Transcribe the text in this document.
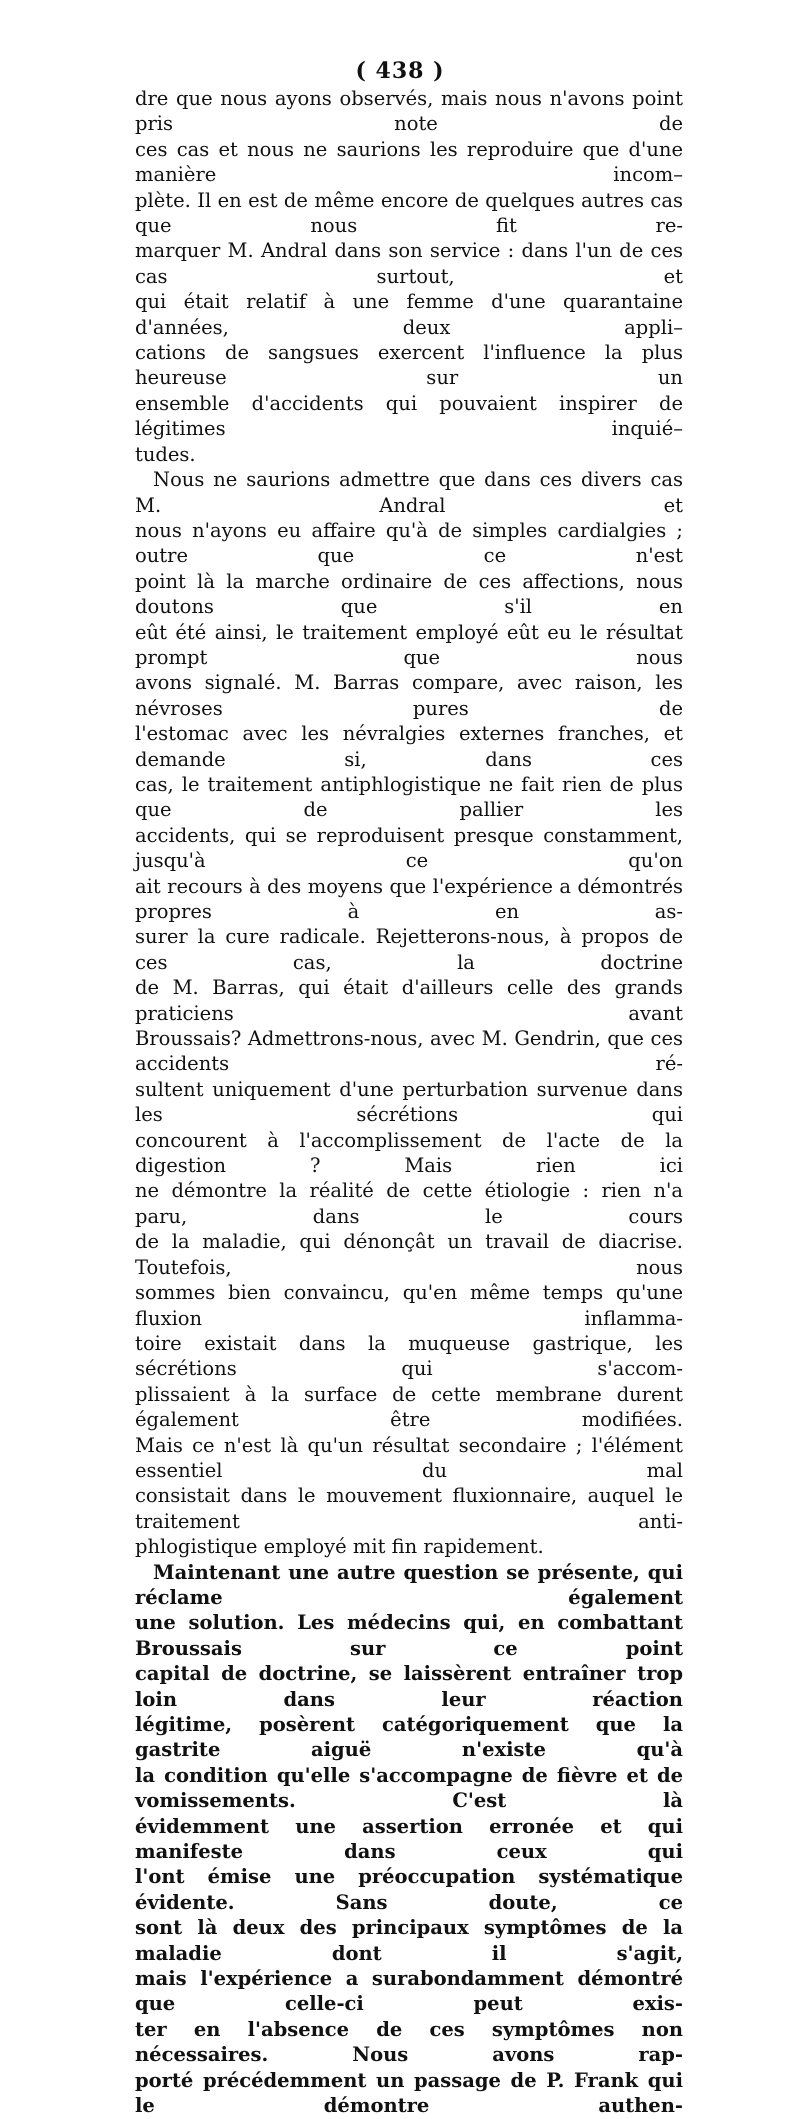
( 438 )
dre que nous ayons observés, mais nous n'avons point pris note de
ces cas et nous ne saurions les reproduire que d'une manière incom–
plète. Il en est de même encore de quelques autres cas que nous fit re-
marquer M. Andral dans son service : dans l'un de ces cas surtout, et
qui était relatif à une femme d'une quarantaine d'années, deux appli–
cations de sangsues exercent l'influence la plus heureuse sur un
ensemble d'accidents qui pouvaient inspirer de légitimes inquié–
tudes.
Nous ne saurions admettre que dans ces divers cas M. Andral et
nous n'ayons eu affaire qu'à de simples cardialgies ; outre que ce n'est
point là la marche ordinaire de ces affections, nous doutons que s'il en
eût été ainsi, le traitement employé eût eu le résultat prompt que nous
avons signalé. M. Barras compare, avec raison, les névroses pures de
l'estomac avec les névralgies externes franches, et demande si, dans ces
cas, le traitement antiphlogistique ne fait rien de plus que de pallier les
accidents, qui se reproduisent presque constamment, jusqu'à ce qu'on
ait recours à des moyens que l'expérience a démontrés propres à en as-
surer la cure radicale. Rejetterons-nous, à propos de ces cas, la doctrine
de M. Barras, qui était d'ailleurs celle des grands praticiens avant
Broussais? Admettrons-nous, avec M. Gendrin, que ces accidents ré-
sultent uniquement d'une perturbation survenue dans les sécrétions qui
concourent à l'accomplissement de l'acte de la digestion ? Mais rien ici
ne démontre la réalité de cette étiologie : rien n'a paru, dans le cours
de la maladie, qui dénonçât un travail de diacrise. Toutefois, nous
sommes bien convaincu, qu'en même temps qu'une fluxion inflamma-
toire existait dans la muqueuse gastrique, les sécrétions qui s'accom-
plissaient à la surface de cette membrane durent également être modifiées.
Mais ce n'est là qu'un résultat secondaire ; l'élément essentiel du mal
consistait dans le mouvement fluxionnaire, auquel le traitement anti-
phlogistique employé mit fin rapidement.
Maintenant une autre question se présente, qui réclame également
une solution. Les médecins qui, en combattant Broussais sur ce point
capital de doctrine, se laissèrent entraîner trop loin dans leur réaction
légitime, posèrent catégoriquement que la gastrite aiguë n'existe qu'à
la condition qu'elle s'accompagne de fièvre et de vomissements. C'est là
évidemment une assertion erronée et qui manifeste dans ceux qui
l'ont émise une préoccupation systématique évidente. Sans doute, ce
sont là deux des principaux symptômes de la maladie dont il s'agit,
mais l'expérience a surabondamment démontré que celle-ci peut exis-
ter en l'absence de ces symptômes non nécessaires. Nous avons rap-
porté précédemment un passage de P. Frank qui le démontre authen-
